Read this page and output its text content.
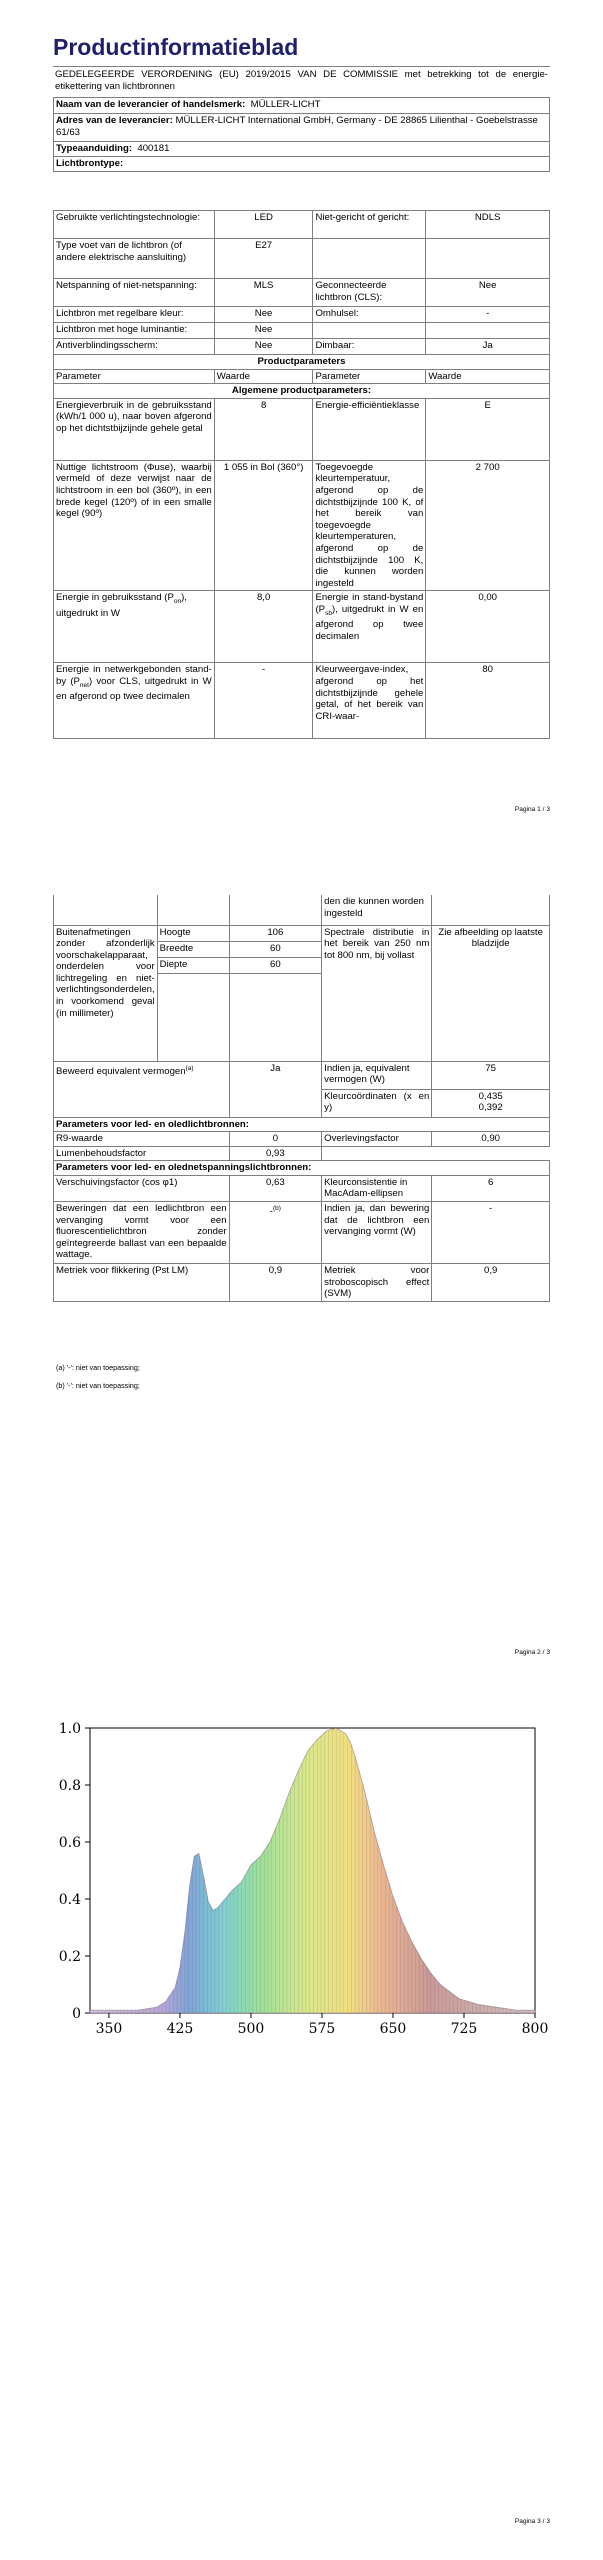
Productinformatieblad
GEDELEGEERDE VERORDENING (EU) 2019/2015 VAN DE COMMISSIE met betrekking tot de energie-etikettering van lichtbronnen
Naam van de leverancier of handelsmerk: MÜLLER-LICHT
Adres van de leverancier: MÜLLER-LICHT International GmbH, Germany - DE 28865 Lilienthal - Goebelstrasse 61/63
Typeaanduiding: 400181
Lichtbrontype:
Gebruikte verlichtingstechnologie:	LED	Niet-gericht of gericht:	NDLS
Type voet van de lichtbron (of andere elektrische aansluiting)	E27		
Netspanning of niet-netspanning:	MLS	Geconnecteerde lichtbron (CLS):	Nee
Lichtbron met regelbare kleur:	Nee	Omhulsel:	-
Lichtbron met hoge luminantie:	Nee		
Antiverblindingsscherm:	Nee	Dimbaar:	Ja
Productparameters			
Parameter	Waarde	Parameter	Waarde
Algemene productparameters:			
Energieverbruik in de gebruiksstand (kWh/1 000 u), naar boven afgerond op het dichtstbijzijnde gehele getal	8	Energie-efficiëntieklasse	E
Nuttige lichtstroom (Φuse), waarbij vermeld of deze verwijst naar de lichtstroom in een bol (360º), in een brede kegel (120º) of in een smalle kegel (90º)	1 055 in Bol (360°)	Toegevoegde kleurtemperatuur, afgerond op de dichtstbijzijnde 100 K, of het bereik van toegevoegde kleurtemperaturen, afgerond op de dichtstbijzijnde 100 K, die kunnen worden ingesteld	2 700
Energie in gebruiksstand $(P_{on})$, uitgedrukt in W	8,0	Energie in stand-bystand $(P_{sb})$, uitgedrukt in W en afgerond op twee decimalen	0,00
Energie in netwerkgebonden stand-by $(P_{net})$ voor CLS, uitgedrukt in W en afgerond op twee decimalen	-	Kleurweergave-index, afgerond op het dichtstbijzijnde gehele getal, of het bereik van CRI-waar-	80
Pagina 1 / 3
			den die kunnen worden ingesteld	
Buitenafmetingen zonder afzonderlijk voorschakelapparaat, onderdelen voor lichtregeling en niet-verlichtingsonderdelen, in voorkomend geval (in millimeter)	Hoogte	106	Spectrale distributie in het bereik van 250 nm tot 800 nm, bij vollast	Zie afbeelding op laatste bladzijde
	Breedte	60		
	Diepte	60		

Beweerd equivalent vermogen$^{(a)}$		Ja	Indien ja, equivalent vermogen (W)	75
			Kleurcoördinaten (x en y)	0,435
0,392
Parameters voor led- en oledlichtbronnen:				
R9-waarde		0	Overlevingsfactor	0,90
Lumenbehoudsfactor		0,93		
Parameters voor led- en olednetspanningslichtbronnen:				
Verschuivingsfactor (cos φ1)		0,63	Kleurconsistentie in MacAdam-ellipsen	6
Beweringen dat een ledlichtbron een vervanging vormt voor een fluorescentielichtbron zonder geïntegreerde ballast van een bepaalde wattage.		-$^{(b)}$	Indien ja, dan bewering dat de lichtbron een vervanging vormt (W)	-
Metriek voor flikkering (Pst LM)		0,9	Metriek voor stroboscopisch effect (SVM)	0,9
(a) '-': niet van toepassing;
(b) '-': niet van toepassing;
Pagina 2 / 3
350	425	500	575	650	725	800
0
0.2
0.4
0.6
0.8
1.0
Pagina 3 / 3
